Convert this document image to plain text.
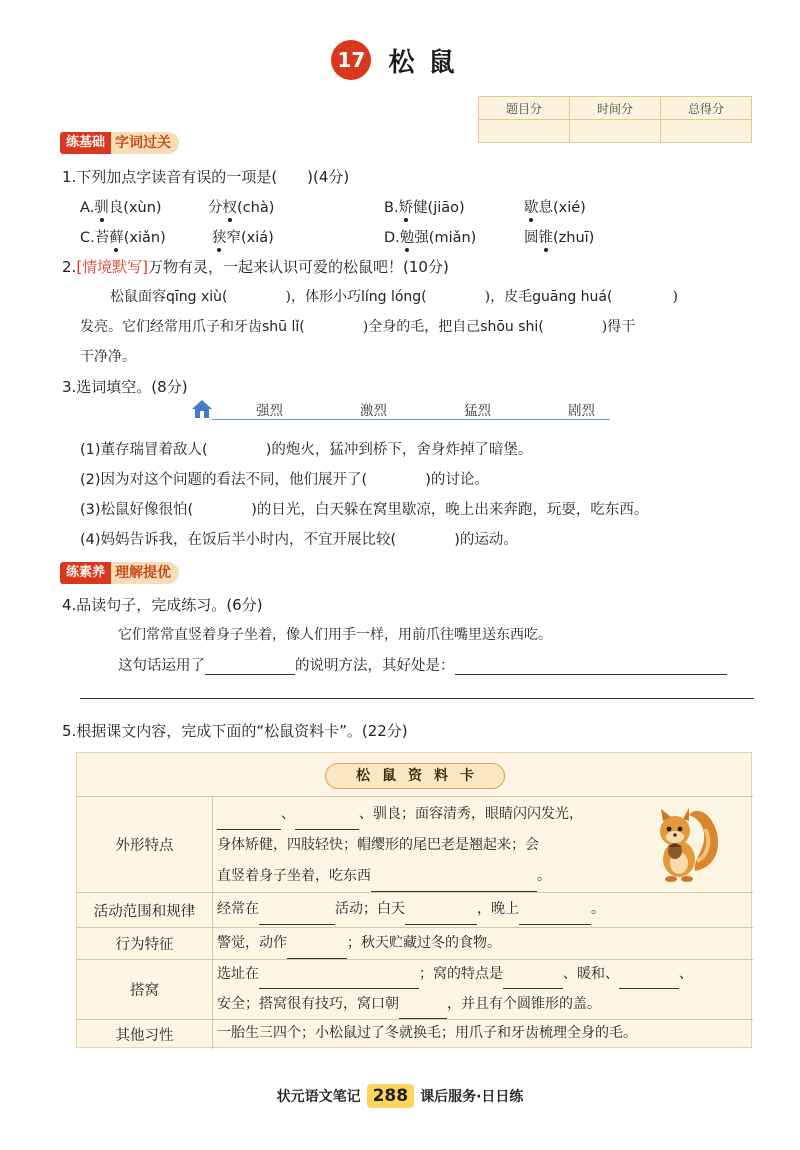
17 松鼠
题目分	时间分	总得分

练基础 字词过关
1.下列加点字读音有误的一项是(　　)(4分)
A.驯良(xùn)	分杈(chà)	B.矫健(jiāo)	歇息(xié)
C.苔藓(xiǎn)	狭窄(xiá)	D.勉强(miǎn)	圆锥(zhuī)
2.[情境默写]万物有灵，一起来认识可爱的松鼠吧！(10分)
松鼠面容qīng xiù(	)，体形小巧líng lóng(	)，皮毛guāng huá(	)
发亮。它们经常用爪子和牙齿shū lǐ(	)全身的毛，把自己shōu shi(	)得干
干净净。
3.选词填空。(8分)
强烈	激烈	猛烈	剧烈
(1)董存瑞冒着敌人(	)的炮火，猛冲到桥下，舍身炸掉了暗堡。
(2)因为对这个问题的看法不同，他们展开了(	)的讨论。
(3)松鼠好像很怕(	)的日光，白天躲在窝里歇凉，晚上出来奔跑，玩耍，吃东西。
(4)妈妈告诉我，在饭后半小时内，不宜开展比较(	)的运动。
练素养 理解提优
4.品读句子，完成练习。(6分)
它们常常直竖着身子坐着，像人们用手一样，用前爪往嘴里送东西吃。
这句话运用了	的说明方法，其好处是：
5.根据课文内容，完成下面的“松鼠资料卡”。(22分)
松鼠资料卡
外形特点
、	、驯良；面容清秀，眼睛闪闪发光，
身体矫健，四肢轻快；帽缨形的尾巴老是翘起来；会
直竖着身子坐着，吃东西	。
活动范围和规律	经常在	活动；白天	，晚上	。
行为特征	警觉，动作	；秋天贮藏过冬的食物。
搭窝
选址在	；窝的特点是	、暖和、	、
安全；搭窝很有技巧，窝口朝	，并且有个圆锥形的盖。
其他习性	一胎生三四个；小松鼠过了冬就换毛；用爪子和牙齿梳理全身的毛。
状元语文笔记 288 课后服务·日日练
